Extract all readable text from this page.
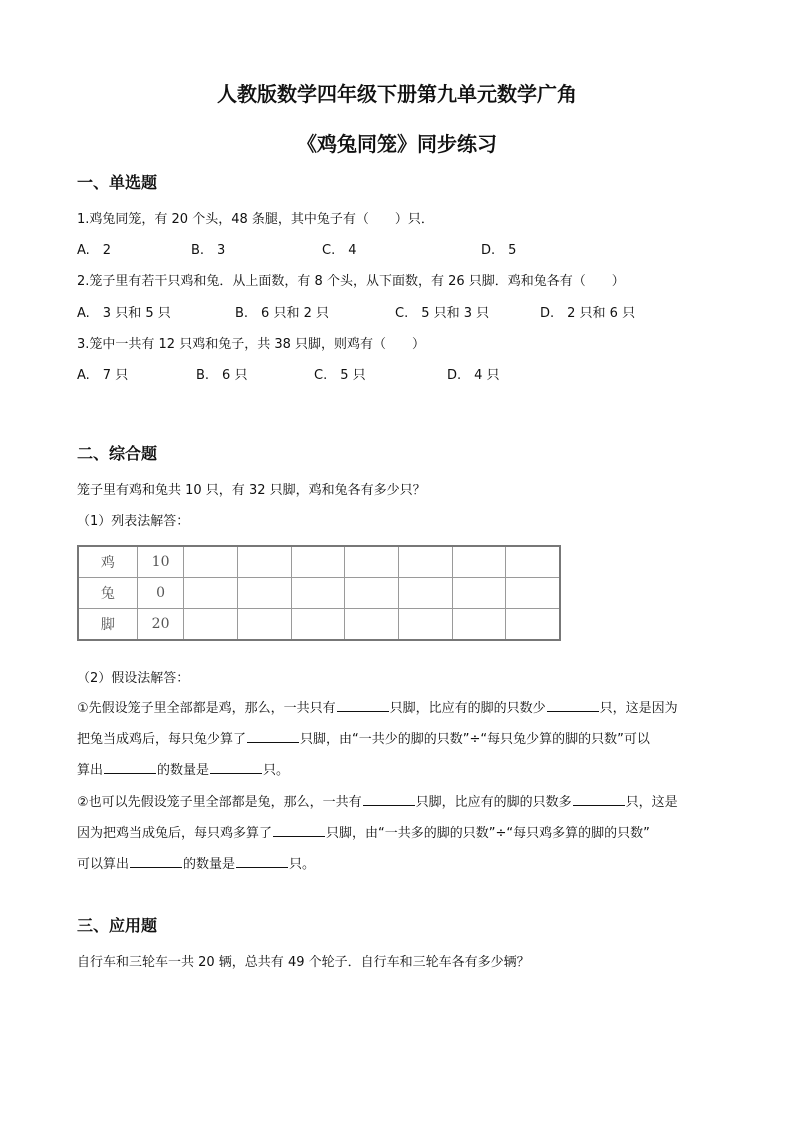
人教版数学四年级下册第九单元数学广角
《鸡兔同笼》同步练习
一、单选题
1.鸡兔同笼，有 20 个头，48 条腿，其中兔子有（　　）只．
A.　2	B.　3	C.　4	D.　5
2.笼子里有若干只鸡和兔．从上面数，有 8 个头，从下面数，有 26 只脚．鸡和兔各有（　　）
A.　3 只和 5 只	B.　6 只和 2 只	C.　5 只和 3 只	D.　2 只和 6 只
3.笼中一共有 12 只鸡和兔子，共 38 只脚，则鸡有（　　）
A.　7 只	B.　6 只	C.　5 只	D.　4 只
二、综合题
笼子里有鸡和兔共 10 只，有 32 只脚，鸡和兔各有多少只？
（1）列表法解答：
鸡	10							
兔	0							
脚	20							
（2）假设法解答：
①先假设笼子里全部都是鸡，那么，一共只有	只脚，比应有的脚的只数少	只，这是因为
把兔当成鸡后，每只兔少算了	只脚，由“一共少的脚的只数”÷“每只兔少算的脚的只数”可以
算出	的数量是	只。
②也可以先假设笼子里全部都是兔，那么，一共有	只脚，比应有的脚的只数多	只，这是
因为把鸡当成兔后，每只鸡多算了	只脚，由“一共多的脚的只数”÷“每只鸡多算的脚的只数”
可以算出	的数量是	只。
三、应用题
自行车和三轮车一共 20 辆，总共有 49 个轮子．自行车和三轮车各有多少辆？
